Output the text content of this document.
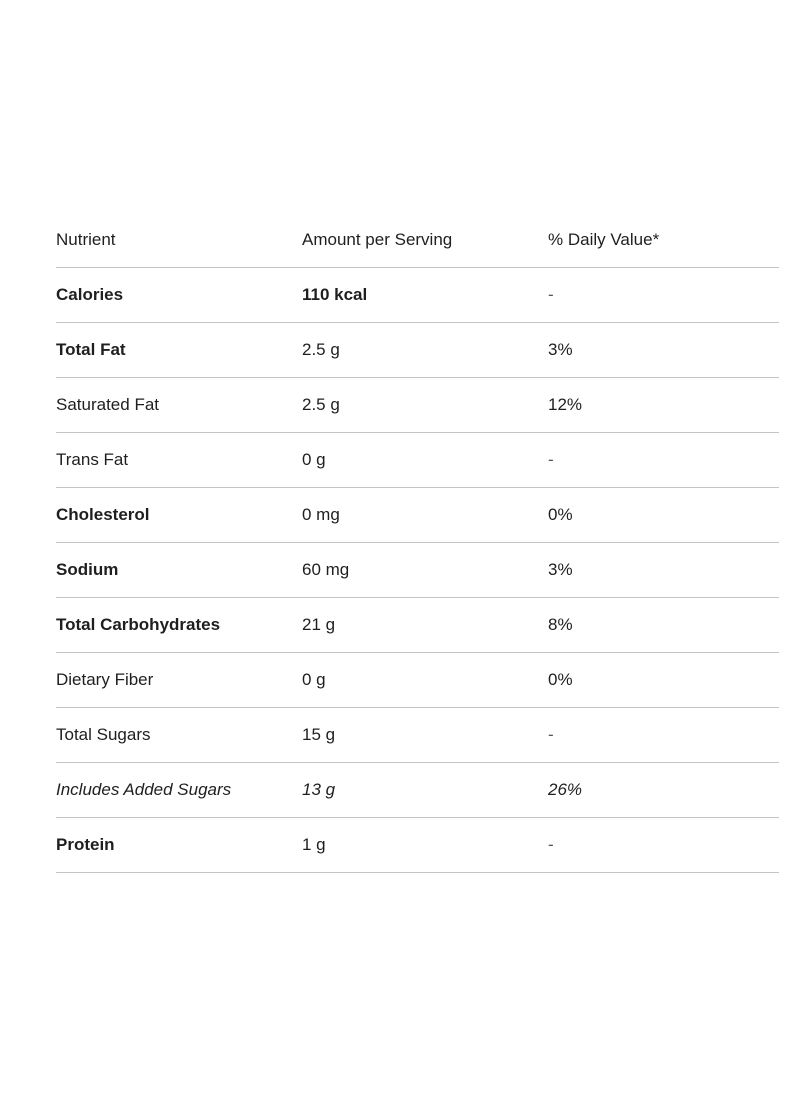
Nutrient	Amount per Serving	% Daily Value*
Calories	110 kcal	-
Total Fat	2.5 g	3%
Saturated Fat	2.5 g	12%
Trans Fat	0 g	-
Cholesterol	0 mg	0%
Sodium	60 mg	3%
Total Carbohydrates	21 g	8%
Dietary Fiber	0 g	0%
Total Sugars	15 g	-
Includes Added Sugars	13 g	26%
Protein	1 g	-
